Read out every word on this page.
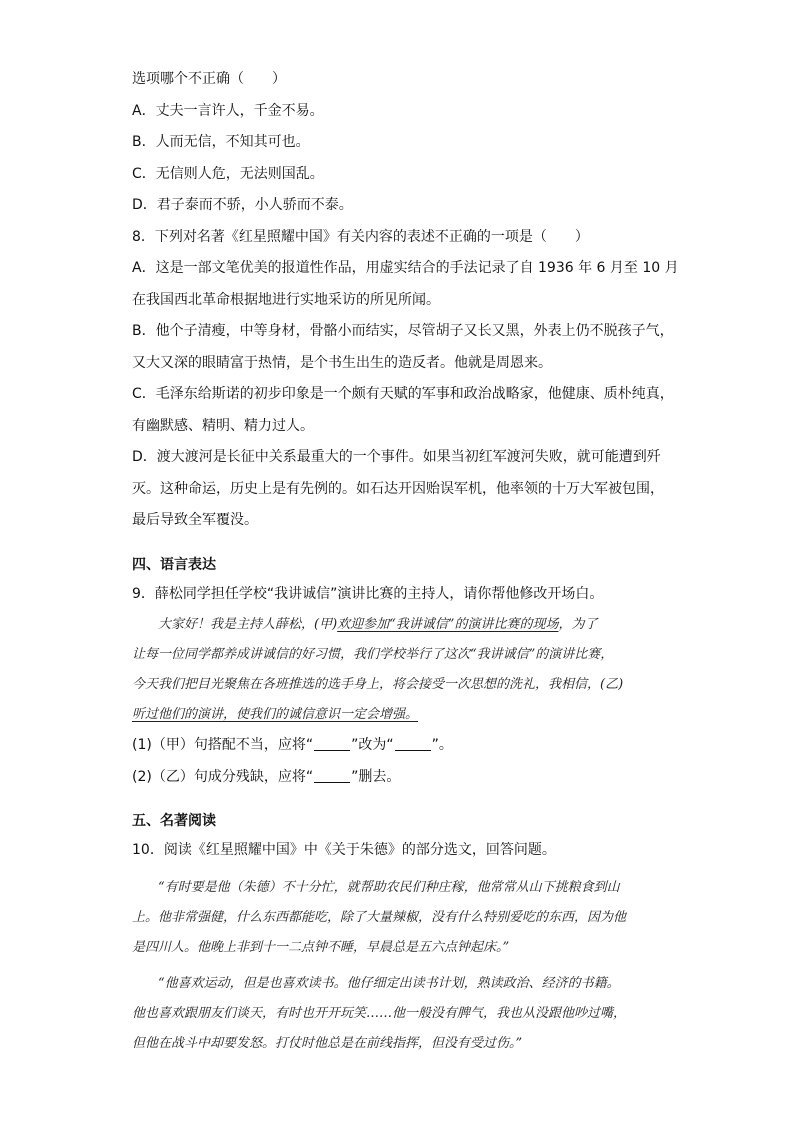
选项哪个不正确（　　）
A．丈夫一言许人，千金不易。
B．人而无信，不知其可也。
C．无信则人危，无法则国乱。
D．君子泰而不骄，小人骄而不泰。
8．下列对名著《红星照耀中国》有关内容的表述不正确的一项是（　　）
A．这是一部文笔优美的报道性作品，用虚实结合的手法记录了自 1936 年 6 月至 10 月
在我国西北革命根据地进行实地采访的所见所闻。
B．他个子清瘦，中等身材，骨骼小而结实，尽管胡子又长又黑，外表上仍不脱孩子气，
又大又深的眼睛富于热情，是个书生出生的造反者。他就是周恩来。
C．毛泽东给斯诺的初步印象是一个颇有天赋的军事和政治战略家，他健康、质朴纯真，
有幽默感、精明、精力过人。
D．渡大渡河是长征中关系最重大的一个事件。如果当初红军渡河失败，就可能遭到歼
灭。这种命运，历史上是有先例的。如石达开因贻误军机，他率领的十万大军被包围，
最后导致全军覆没。
四、语言表达
9．薛松同学担任学校“我讲诚信”演讲比赛的主持人，请你帮他修改开场白。
大家好！我是主持人薛松，(甲)欢迎参加“我讲诚信”的演讲比赛的现场，为了
让每一位同学都养成讲诚信的好习惯，我们学校举行了这次“我讲诚信”的演讲比赛，
今天我们把目光聚焦在各班推选的选手身上，将会接受一次思想的洗礼，我相信，(乙)
听过他们的演讲，使我们的诚信意识一定会增强。
(1)（甲）句搭配不当，应将“	”改为“	”。
(2)（乙）句成分残缺，应将“	”删去。
五、名著阅读
10．阅读《红星照耀中国》中《关于朱德》的部分选文，回答问题。
“有时要是他（朱德）不十分忙，就帮助农民们种庄稼，他常常从山下挑粮食到山
上。他非常强健，什么东西都能吃，除了大量辣椒，没有什么特别爱吃的东西，因为他
是四川人。他晚上非到十一二点钟不睡，早晨总是五六点钟起床。”
“他喜欢运动，但是也喜欢读书。他仔细定出读书计划，熟读政治、经济的书籍。
他也喜欢跟朋友们谈天，有时也开开玩笑……他一般没有脾气，我也从没跟他吵过嘴，
但他在战斗中却要发怒。打仗时他总是在前线指挥，但没有受过伤。”
